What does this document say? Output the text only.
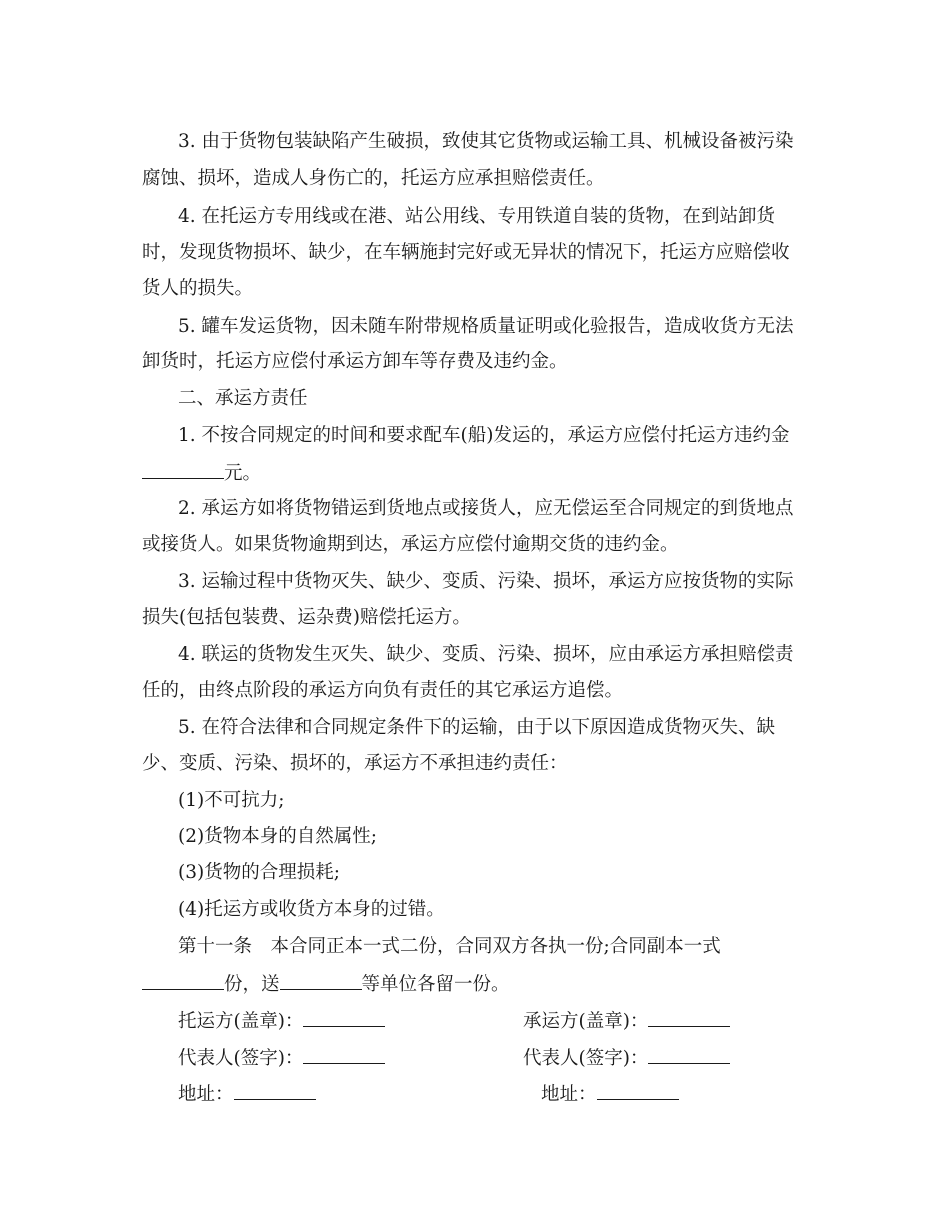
3. 由于货物包装缺陷产生破损，致使其它货物或运输工具、机械设备被污染
腐蚀、损坏，造成人身伤亡的，托运方应承担赔偿责任。
4. 在托运方专用线或在港、站公用线、专用铁道自装的货物，在到站卸货
时，发现货物损坏、缺少，在车辆施封完好或无异状的情况下，托运方应赔偿收
货人的损失。
5. 罐车发运货物，因未随车附带规格质量证明或化验报告，造成收货方无法
卸货时，托运方应偿付承运方卸车等存费及违约金。
二、承运方责任
1. 不按合同规定的时间和要求配车(船)发运的，承运方应偿付托运方违约金
元。
2. 承运方如将货物错运到货地点或接货人，应无偿运至合同规定的到货地点
或接货人。如果货物逾期到达，承运方应偿付逾期交货的违约金。
3. 运输过程中货物灭失、缺少、变质、污染、损坏，承运方应按货物的实际
损失(包括包装费、运杂费)赔偿托运方。
4. 联运的货物发生灭失、缺少、变质、污染、损坏，应由承运方承担赔偿责
任的，由终点阶段的承运方向负有责任的其它承运方追偿。
5. 在符合法律和合同规定条件下的运输，由于以下原因造成货物灭失、缺
少、变质、污染、损坏的，承运方不承担违约责任：
(1)不可抗力;
(2)货物本身的自然属性;
(3)货物的合理损耗;
(4)托运方或收货方本身的过错。
第十一条　本合同正本一式二份，合同双方各执一份;合同副本一式
份，送	等单位各留一份。
托运方(盖章)：	承运方(盖章)：
代表人(签字)：	代表人(签字)：
地址：	地址：
